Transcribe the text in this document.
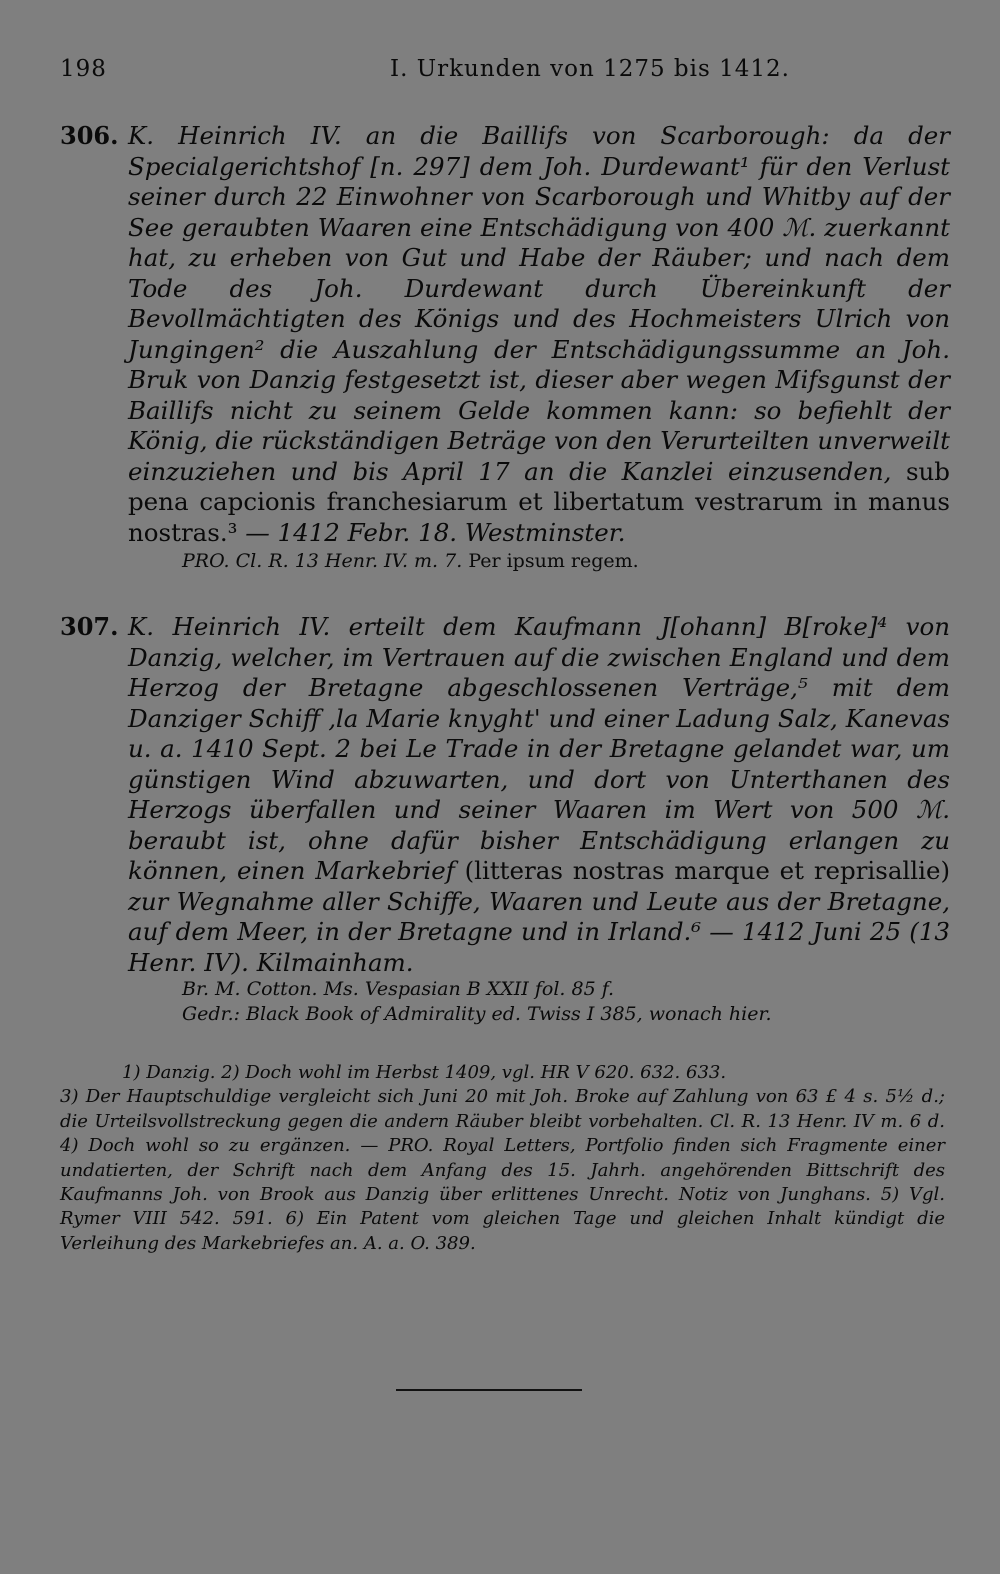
198	I. Urkunden von 1275 bis 1412.
306. K. Heinrich IV. an die Baillifs von Scarborough: da der Specialgerichtshof [n. 297] dem Joh. Durdewant¹ für den Verlust seiner durch 22 Einwohner von Scarborough und Whitby auf der See geraubten Waaren eine Entschädigung von 400 ℳ. zuerkannt hat, zu erheben von Gut und Habe der Räuber; und nach dem Tode des Joh. Durdewant durch Übereinkunft der Bevollmächtigten des Königs und des Hochmeisters Ulrich von Jungingen² die Auszahlung der Entschädigungssumme an Joh. Bruk von Danzig festgesetzt ist, dieser aber wegen Mifsgunst der Baillifs nicht zu seinem Gelde kommen kann: so befiehlt der König, die rückständigen Beträge von den Verurteilten unverweilt einzuziehen und bis April 17 an die Kanzlei einzusenden, sub pena capcionis franchesiarum et libertatum vestrarum in manus nostras.³ — 1412 Febr. 18. Westminster.
PRO. Cl. R. 13 Henr. IV. m. 7. Per ipsum regem.
307. K. Heinrich IV. erteilt dem Kaufmann J[ohann] B[roke]⁴ von Danzig, welcher, im Vertrauen auf die zwischen England und dem Herzog der Bretagne abgeschlossenen Verträge,⁵ mit dem Danziger Schiff ‚la Marie knyght' und einer Ladung Salz, Kanevas u. a. 1410 Sept. 2 bei Le Trade in der Bretagne gelandet war, um günstigen Wind abzuwarten, und dort von Unterthanen des Herzogs überfallen und seiner Waaren im Wert von 500 ℳ. beraubt ist, ohne dafür bisher Entschädigung erlangen zu können, einen Markebrief (litteras nostras marque et reprisallie) zur Wegnahme aller Schiffe, Waaren und Leute aus der Bretagne, auf dem Meer, in der Bretagne und in Irland.⁶ — 1412 Juni 25 (13 Henr. IV). Kilmainham.
Br. M. Cotton. Ms. Vespasian B XXII fol. 85 f.
Gedr.: Black Book of Admirality ed. Twiss I 385, wonach hier.

1) Danzig. 2) Doch wohl im Herbst 1409, vgl. HR V 620. 632. 633.

3) Der Hauptschuldige vergleicht sich Juni 20 mit Joh. Broke auf Zahlung von 63 £ 4 s. 5½ d.; die Urteilsvollstreckung gegen die andern Räuber bleibt vorbehalten. Cl. R. 13 Henr. IV m. 6 d. 4) Doch wohl so zu ergänzen. — PRO. Royal Letters, Portfolio finden sich Fragmente einer undatierten, der Schrift nach dem Anfang des 15. Jahrh. angehörenden Bittschrift des Kaufmanns Joh. von Brook aus Danzig über erlittenes Unrecht. Notiz von Junghans. 5) Vgl. Rymer VIII 542. 591. 6) Ein Patent vom gleichen Tage und gleichen Inhalt kündigt die Verleihung des Markebriefes an. A. a. O. 389.
